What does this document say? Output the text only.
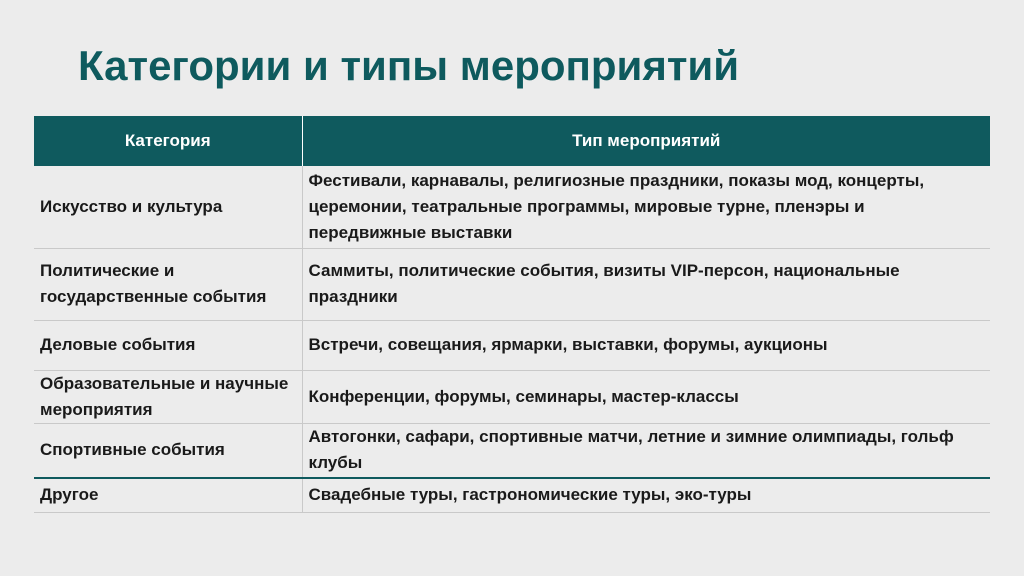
Категории и типы мероприятий
Категория	Тип мероприятий
Искусство и культура	Фестивали, карнавалы, религиозные праздники, показы мод, концерты, церемонии, театральные программы, мировые турне, пленэры и передвижные выставки
Политические и государственные события	Саммиты, политические события, визиты VIP-персон, национальные праздники
Деловые события	Встречи, совещания, ярмарки, выставки, форумы, аукционы
Образовательные и научные мероприятия	Конференции, форумы, семинары, мастер-классы
Спортивные события	Автогонки, сафари, спортивные матчи, летние и зимние олимпиады, гольф клубы
Другое	Свадебные туры, гастрономические туры, эко-туры
